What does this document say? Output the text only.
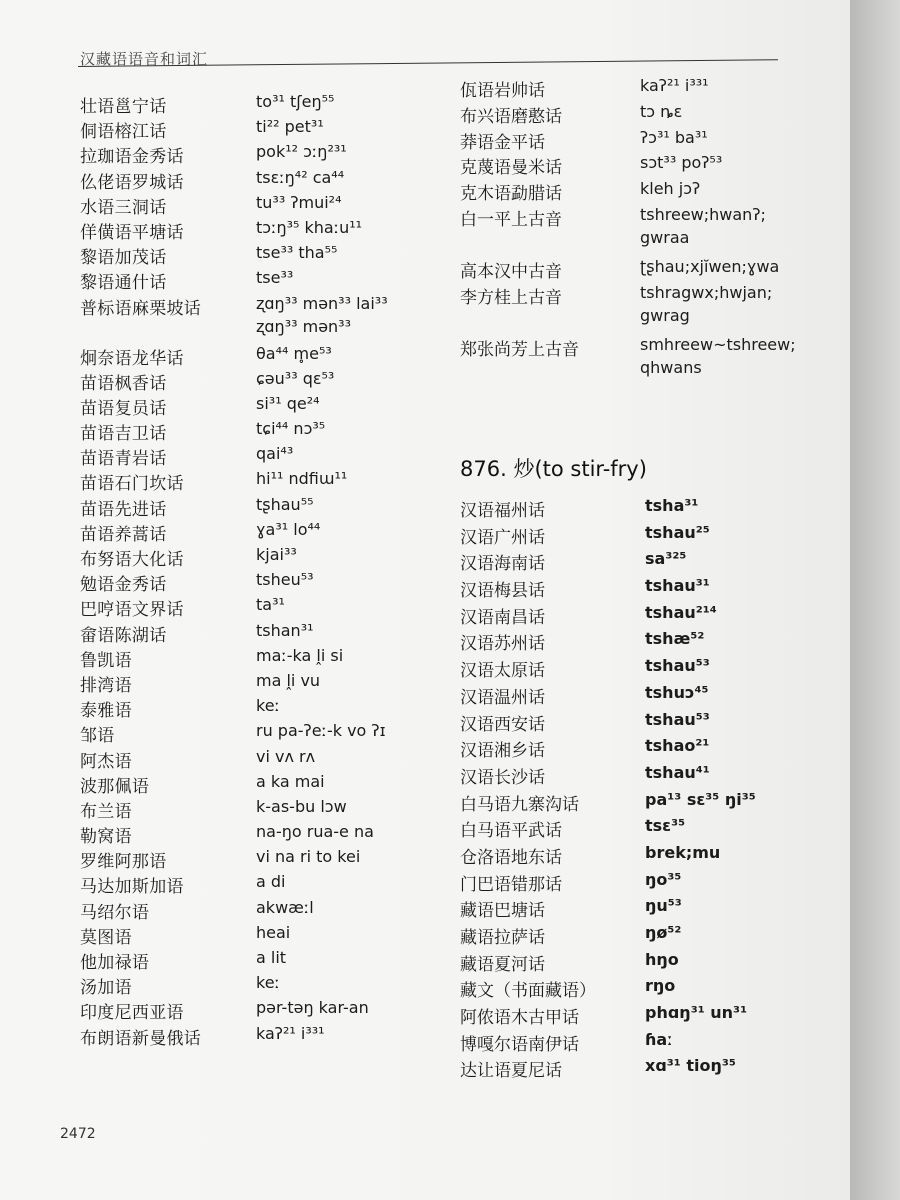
汉藏语语音和词汇
壮语邕宁话	to³¹ tʃeŋ⁵⁵
侗语榕江话	ti²² pet³¹
拉珈语金秀话	pok¹² ɔːŋ²³¹
仫佬语罗城话	tsɛːŋ⁴² ca⁴⁴
水语三洞话	tu³³ ʔmui²⁴
佯僙语平塘话	tɔːŋ³⁵ khaːu¹¹
黎语加茂话	tse³³ tha⁵⁵
黎语通什话	tse³³
普标语麻栗坡话	ʐɑŋ³³ mən³³ lai³³
ʐɑŋ³³ mən³³
炯奈语龙华话	θa⁴⁴ m̥e⁵³
苗语枫香话	ɕəu³³ qɛ⁵³
苗语复员话	si³¹ qe²⁴
苗语吉卫话	tɕi⁴⁴ nɔ³⁵
苗语青岩话	qai⁴³
苗语石门坎话	hi¹¹ ndfiɯ¹¹
苗语先进话	tʂhau⁵⁵
苗语养蒿话	ɣa³¹ lo⁴⁴
布努语大化话	kjai³³
勉语金秀话	tsheu⁵³
巴哼语文界话	ta³¹
畲语陈湖话	tshan³¹
鲁凯语	maː-ka ḽi si
排湾语	ma ḽi vu
泰雅语	keː
邹语	ru pa-ʔeː-k vo ʔɪ
阿杰语	vi vʌ rʌ
波那佩语	a ka mai
布兰语	k-as-bu lɔw
勒窝语	na-ŋo rua-e na
罗维阿那语	vi na ri to kei
马达加斯加语	a di
马绍尔语	akwæːl
莫图语	heai
他加禄语	a lit
汤加语	keː
印度尼西亚语	pər-təŋ kar-an
布朗语新曼俄话	kaʔ²¹ i³³¹
佤语岩帅话	kaʔ²¹ i³³¹
布兴语磨憨话	tɔ ȵɛ
莽语金平话	ʔɔ³¹ ba³¹
克蔑语曼米话	sɔt³³ poʔ⁵³
克木语勐腊话	kleh jɔʔ
白一平上古音	tshreew;hwanʔ;
gwraa
高本汉中古音	ʈʂhau;xjĭwen;ɣwa
李方桂上古音	tshragwx;hwjan;
gwrag
郑张尚芳上古音	smhreew~tshreew;
qhwans
876. 炒(to stir-fry)
汉语福州话	tsha³¹
汉语广州话	tshau²⁵
汉语海南话	sa³²⁵
汉语梅县话	tshau³¹
汉语南昌话	tshau²¹⁴
汉语苏州话	tshæ⁵²
汉语太原话	tshau⁵³
汉语温州话	tshuɔ⁴⁵
汉语西安话	tshau⁵³
汉语湘乡话	tshao²¹
汉语长沙话	tshau⁴¹
白马语九寨沟话	pa¹³ sɛ³⁵ ŋi³⁵
白马语平武话	tsɛ³⁵
仓洛语地东话	brek;mu
门巴语错那话	ŋo³⁵
藏语巴塘话	ŋu⁵³
藏语拉萨话	ŋø⁵²
藏语夏河话	hŋo
藏文（书面藏语）	rŋo
阿侬语木古甲话	phɑŋ³¹ un³¹
博嘎尔语南伊话	ɦaː
达让语夏尼话	xɑ³¹ tioŋ³⁵
2472
